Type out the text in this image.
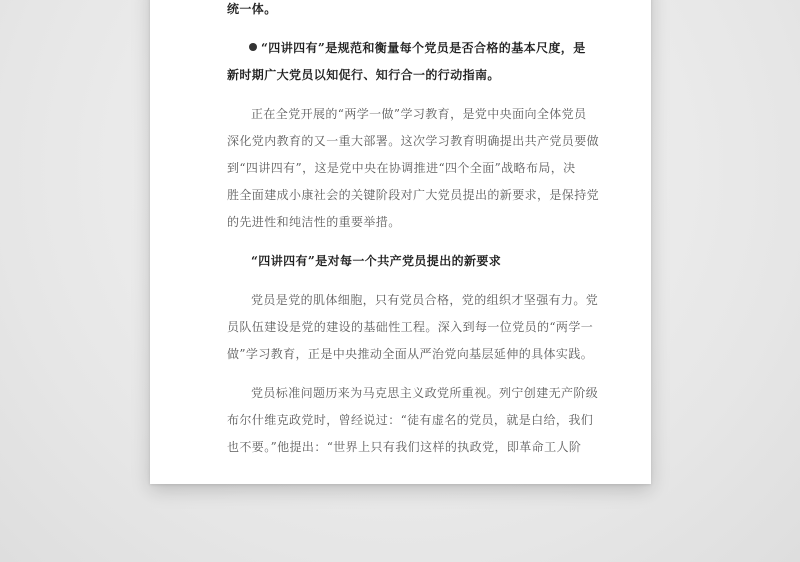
统一体。
“四讲四有”是规范和衡量每个党员是否合格的基本尺度，是
新时期广大党员以知促行、知行合一的行动指南。
正在全党开展的“两学一做”学习教育，是党中央面向全体党员
深化党内教育的又一重大部署。这次学习教育明确提出共产党员要做
到“四讲四有”，这是党中央在协调推进“四个全面”战略布局，决
胜全面建成小康社会的关键阶段对广大党员提出的新要求，是保持党
的先进性和纯洁性的重要举措。
“四讲四有”是对每一个共产党员提出的新要求
党员是党的肌体细胞，只有党员合格，党的组织才坚强有力。党
员队伍建设是党的建设的基础性工程。深入到每一位党员的“两学一
做”学习教育，正是中央推动全面从严治党向基层延伸的具体实践。
党员标准问题历来为马克思主义政党所重视。列宁创建无产阶级
布尔什维克政党时，曾经说过：“徒有虚名的党员，就是白给，我们
也不要。”他提出：“世界上只有我们这样的执政党，即革命工人阶
